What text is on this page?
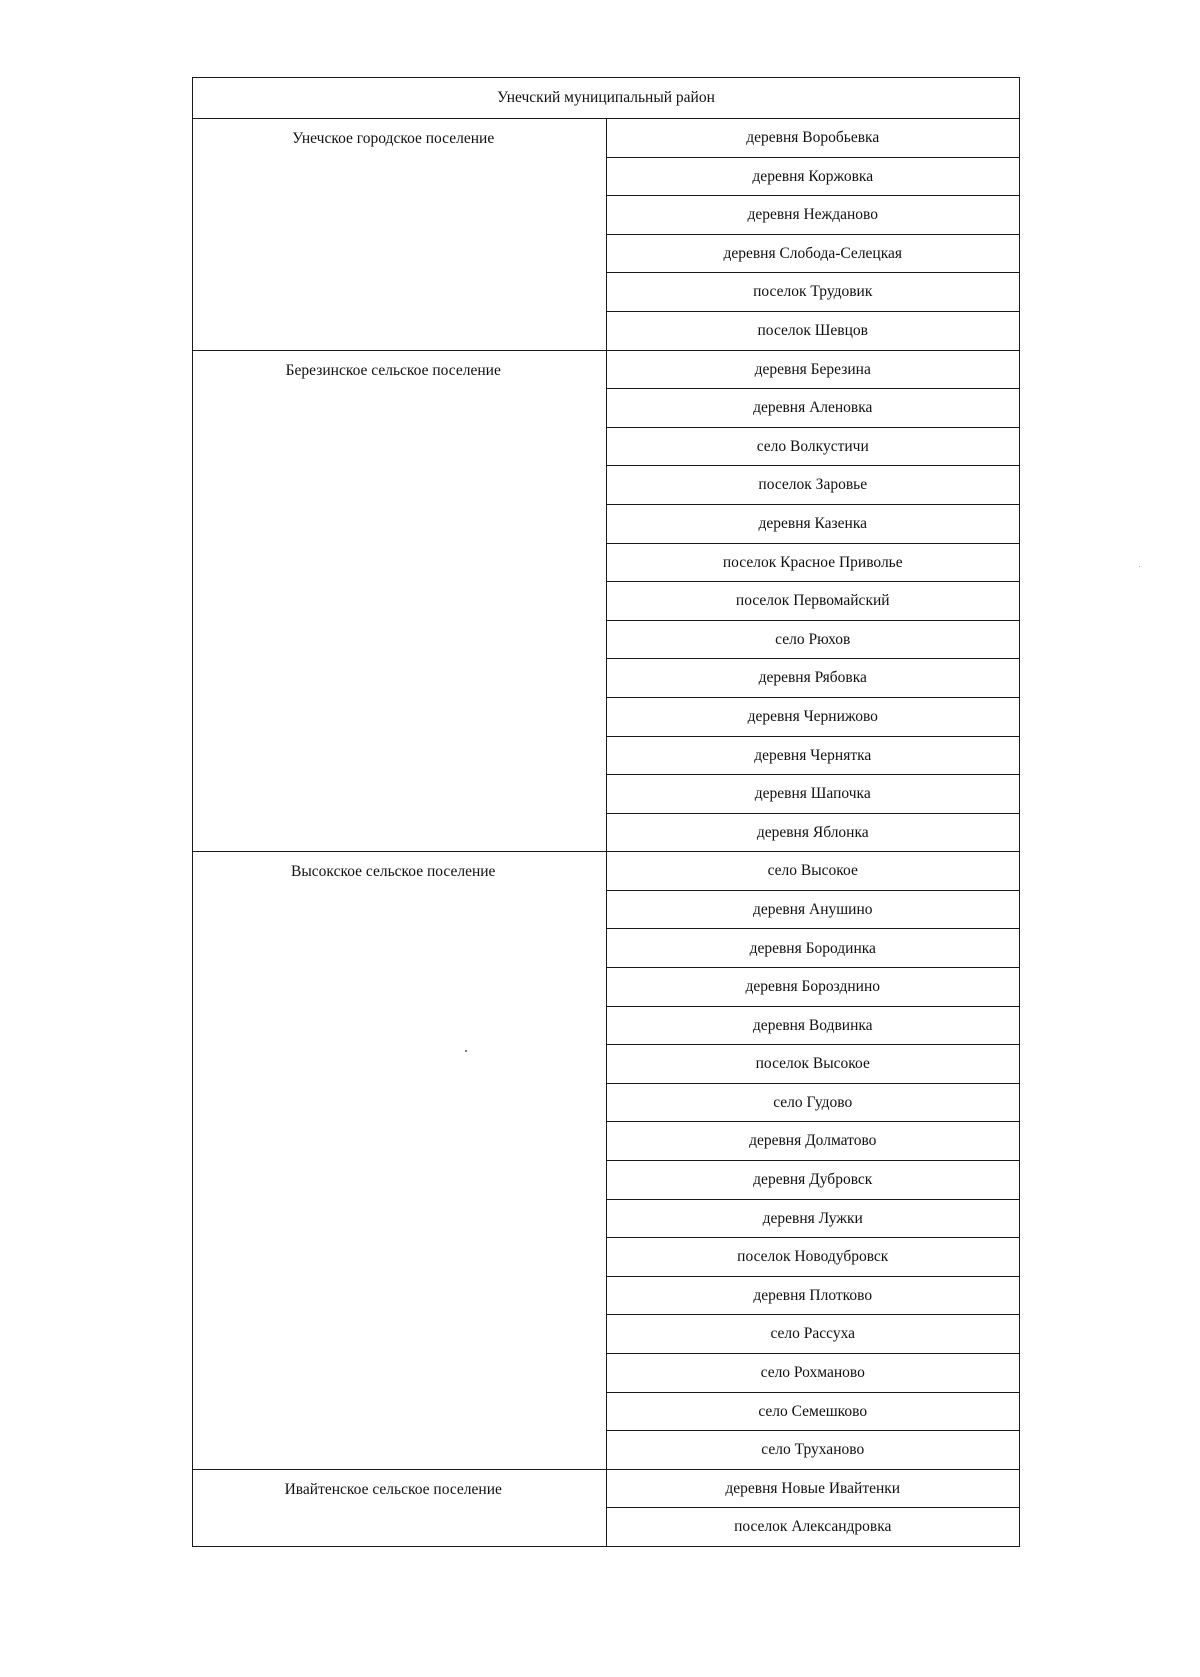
Унечский муниципальный район	
Унечское городское поселение	деревня Воробьевка
	деревня Коржовка
	деревня Нежданово
	деревня Слобода-Селецкая
	поселок Трудовик
	поселок Шевцов
Березинское сельское поселение	деревня Березина
	деревня Аленовка
	село Волкустичи
	поселок Заровье
	деревня Казенка
	поселок Красное Приволье
	поселок Первомайский
	село Рюхов
	деревня Рябовка
	деревня Чернижово
	деревня Чернятка
	деревня Шапочка
	деревня Яблонка
Высокское сельское поселение	село Высокое
	деревня Анушино
	деревня Бородинка
	деревня Борозднино
	деревня Водвинка
	поселок Высокое
	село Гудово
	деревня Долматово
	деревня Дубровск
	деревня Лужки
	поселок Новодубровск
	деревня Плотково
	село Рассуха
	село Рохманово
	село Семешково
	село Труханово
Ивайтенское сельское поселение	деревня Новые Ивайтенки
	поселок Александровка
